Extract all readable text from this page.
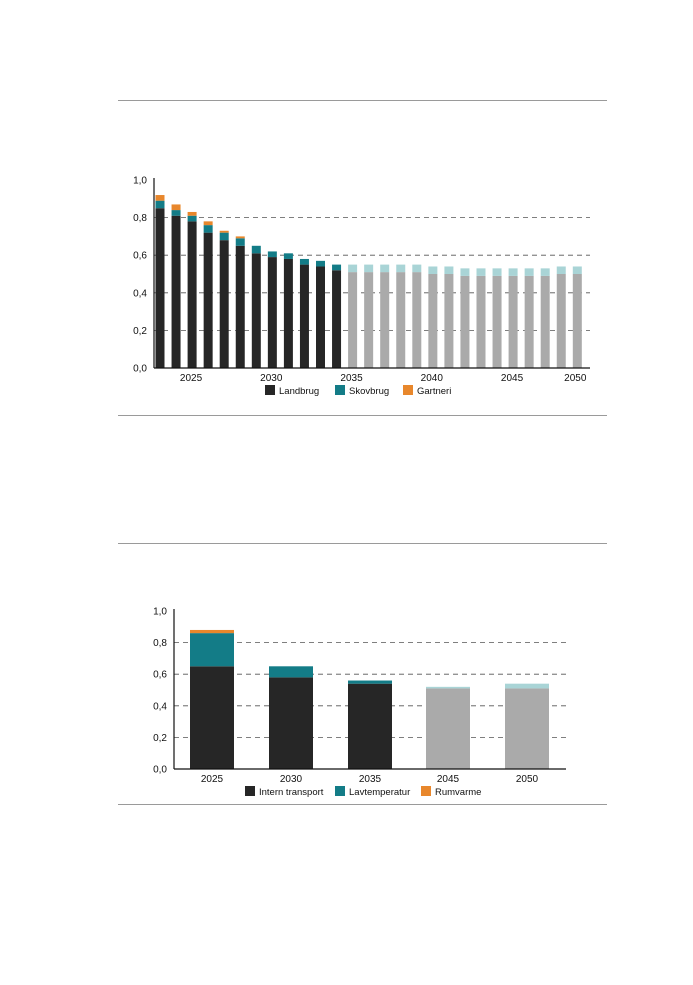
0,0
0,2
0,4
0,6
0,8
1,0
2025	2030	2035	2040	2045	2050
Landbrug	Skovbrug	Gartneri
0,0
0,2
0,4
0,6
0,8
1,0
2025	2030	2035	2045	2050
Intern transport	Lavtemperatur	Rumvarme
